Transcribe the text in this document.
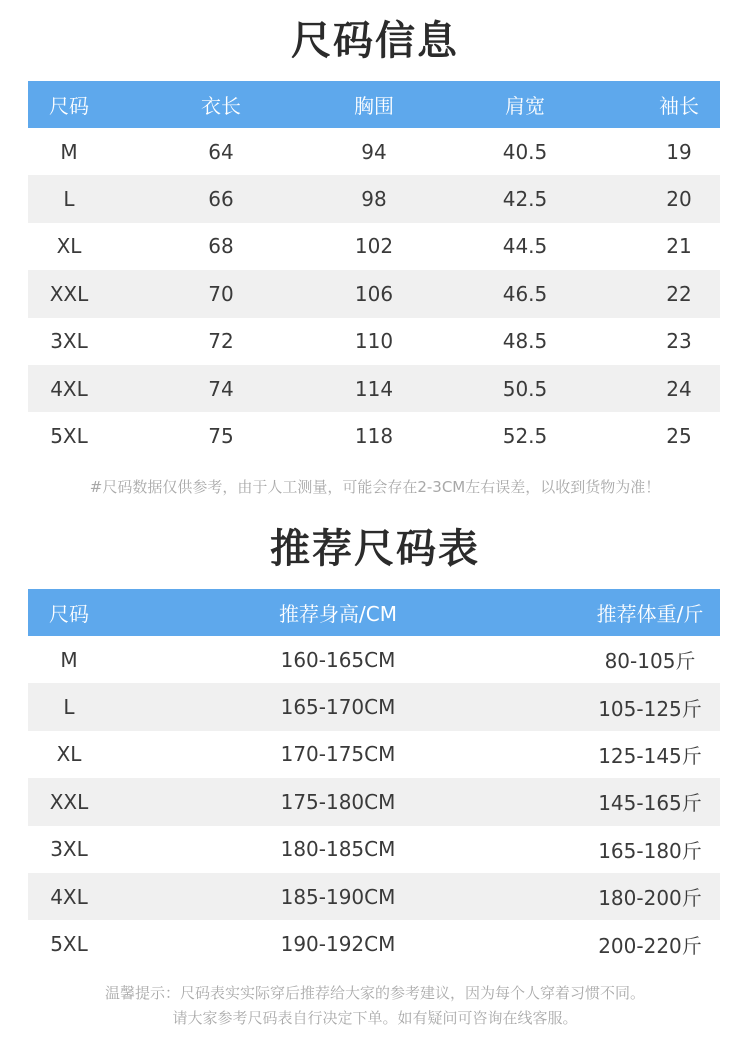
尺码信息
尺码	衣长	胸围	肩宽	袖长
M	64	94	40.5	19
L	66	98	42.5	20
XL	68	102	44.5	21
XXL	70	106	46.5	22
3XL	72	110	48.5	23
4XL	74	114	50.5	24
5XL	75	118	52.5	25
#尺码数据仅供参考，由于人工测量，可能会存在2-3CM左右误差，以收到货物为准！
推荐尺码表
尺码	推荐身高/CM	推荐体重/斤
M	160-165CM	80-105斤
L	165-170CM	105-125斤
XL	170-175CM	125-145斤
XXL	175-180CM	145-165斤
3XL	180-185CM	165-180斤
4XL	185-190CM	180-200斤
5XL	190-192CM	200-220斤
温馨提示：尺码表实实际穿后推荐给大家的参考建议，因为每个人穿着习惯不同。
请大家参考尺码表自行决定下单。如有疑问可咨询在线客服。
